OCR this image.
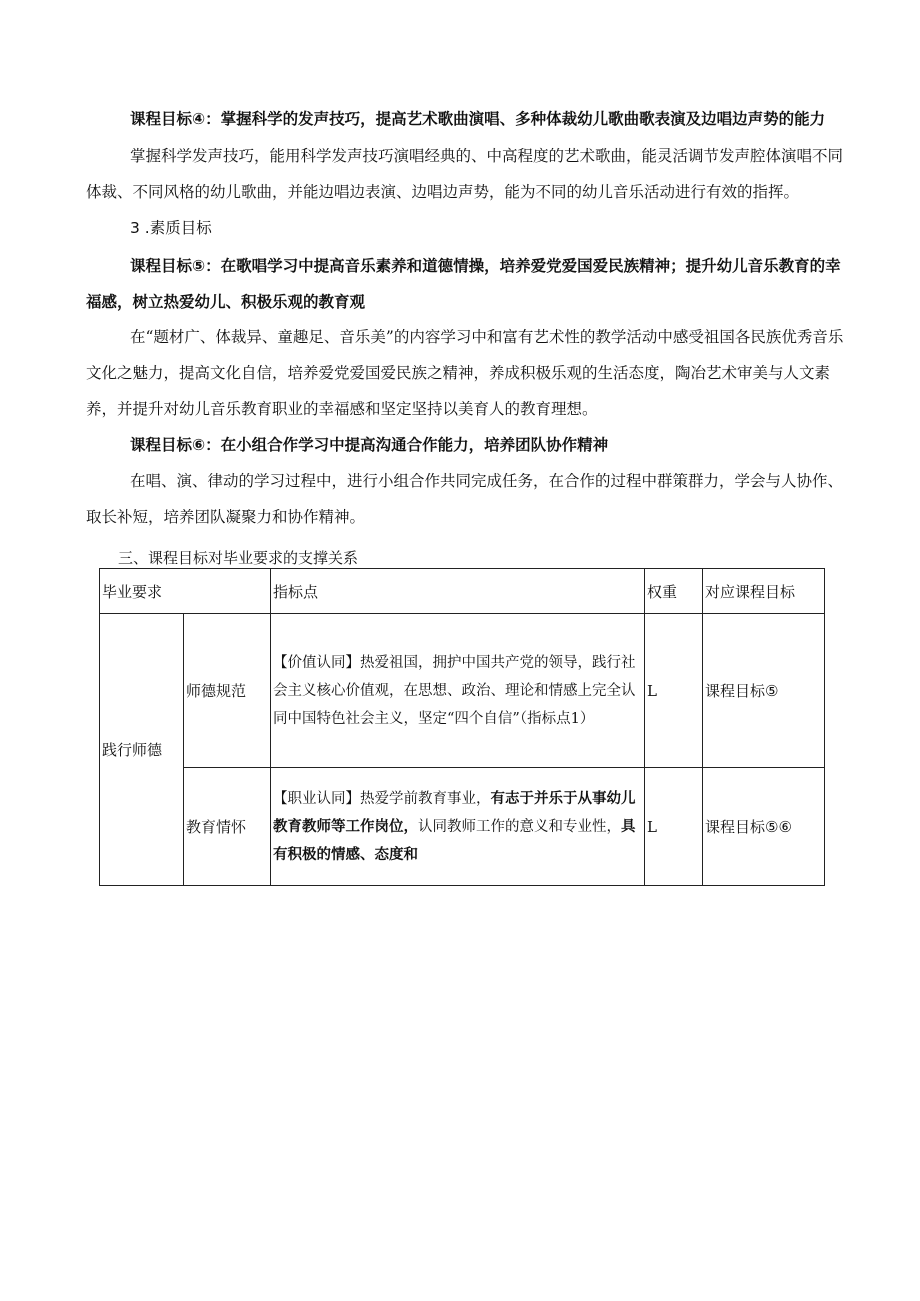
课程目标④：掌握科学的发声技巧，提高艺术歌曲演唱、多种体裁幼儿歌曲歌表演及边唱边声势的能力

掌握科学发声技巧，能用科学发声技巧演唱经典的、中高程度的艺术歌曲，能灵活调节发声腔体演唱不同体裁、不同风格的幼儿歌曲，并能边唱边表演、边唱边声势，能为不同的幼儿音乐活动进行有效的指挥。

3 .素质目标

课程目标⑤：在歌唱学习中提高音乐素养和道德情操，培养爱党爱国爱民族精神；提升幼儿音乐教育的幸福感，树立热爱幼儿、积极乐观的教育观

在“题材广、体裁异、童趣足、音乐美”的内容学习中和富有艺术性的教学活动中感受祖国各民族优秀音乐文化之魅力，提高文化自信，培养爱党爱国爱民族之精神，养成积极乐观的生活态度，陶冶艺术审美与人文素养，并提升对幼儿音乐教育职业的幸福感和坚定坚持以美育人的教育理想。

课程目标⑥：在小组合作学习中提高沟通合作能力，培养团队协作精神

在唱、演、律动的学习过程中，进行小组合作共同完成任务，在合作的过程中群策群力，学会与人协作、取长补短，培养团队凝聚力和协作精神。

三、课程目标对毕业要求的支撑关系

毕业要求		指标点	权重	对应课程目标
践行师德	师德规范	【价值认同】热爱祖国，拥护中国共产党的领导，践行社会主义核心价值观，在思想、政治、理论和情感上完全认同中国特色社会主义，坚定“四个自信”（指标点1）	L	课程目标⑤
	教育情怀	【职业认同】热爱学前教育事业，有志于并乐于从事幼儿教育教师等工作岗位，认同教师工作的意义和专业性，具有积极的情感、态度和	L	课程目标⑤⑥
